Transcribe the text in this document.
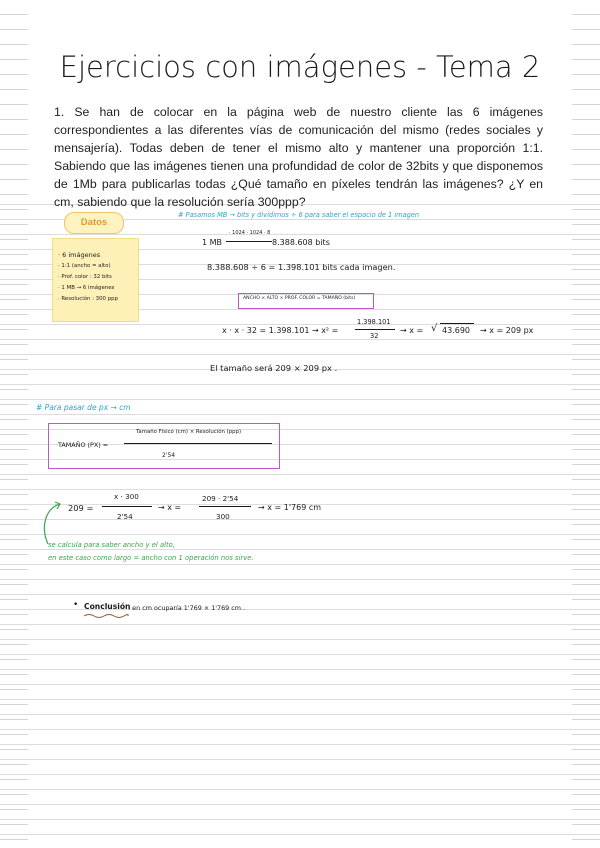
Ejercicios con imágenes - Tema 2
1. Se han de colocar en la página web de nuestro cliente las 6 imágenes correspondientes a las diferentes vías de comunicación del mismo (redes sociales y mensajería). Todas deben de tener el mismo alto y mantener una proporción 1:1. Sabiendo que las imágenes tienen una profundidad de color de 32bits y que disponemos de 1Mb para publicarlas todas ¿Qué tamaño en píxeles tendrán las imágenes? ¿Y en cm, sabiendo que la resolución sería 300ppp?
Datos
· 6 imágenes
· 1:1 (ancho = alto)
· Prof. color : 32 bits
· 1 MB → 6 imágenes
· Resolución : 300 ppp
# Pasamos MB → bits y dividimos ÷ 6 para saber el espacio de 1 imagen
1 MB
· 1024 · 1024 · 8
8.388.608 bits
8.388.608 ÷ 6 = 1.398.101 bits cada imagen.
ANCHO × ALTO × PROF. COLOR = TAMAÑO (bits)
x · x · 32 = 1.398.101 → x² =
1.398.101
32
→ x = √ 43.690 → x = 209 px
El tamaño será 209 × 209 px .
# Para pasar de px → cm
TAMAÑO (PX) =
Tamaño Físico (cm) × Resolución (ppp)
2'54
209 =
x · 300
2'54
→ x =
209 · 2'54
300
→ x = 1'769 cm
se calcula para saber ancho y el alto,
en este caso como largo = ancho con 1 operación nos sirve.
• Conclusión
: en cm ocuparía 1'769 × 1'769 cm .
